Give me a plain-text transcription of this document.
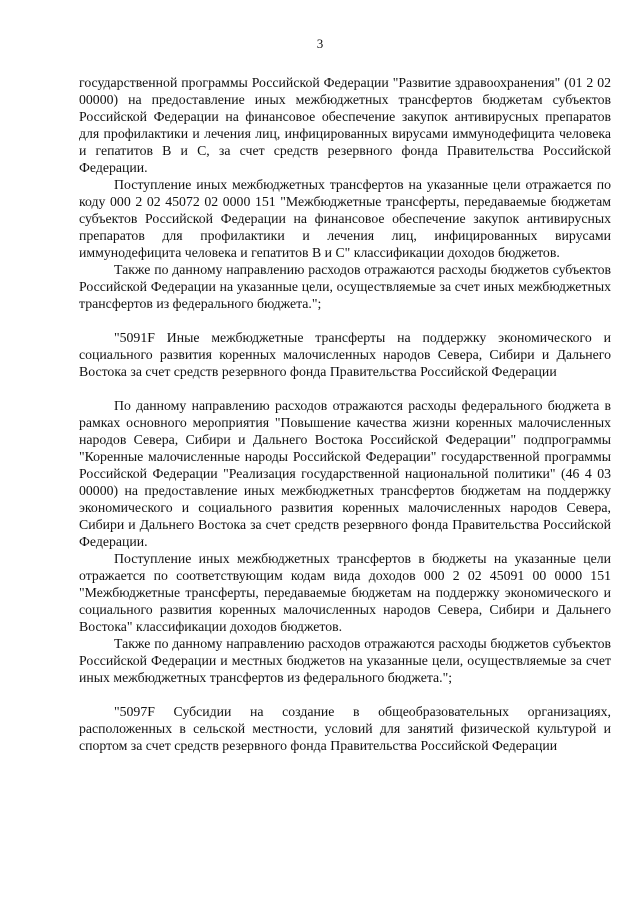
3

государственной программы Российской Федерации "Развитие здравоохранения" (01 2 02 00000) на предоставление иных межбюджетных трансфертов бюджетам субъектов Российской Федерации на финансовое обеспечение закупок антивирусных препаратов для профилактики и лечения лиц, инфицированных вирусами иммунодефицита человека и гепатитов B и C, за счет средств резервного фонда Правительства Российской Федерации.

Поступление иных межбюджетных трансфертов на указанные цели отражается по коду 000 2 02 45072 02 0000 151 "Межбюджетные трансферты, передаваемые бюджетам субъектов Российской Федерации на финансовое обеспечение закупок антивирусных препаратов для профилактики и лечения лиц, инфицированных вирусами иммунодефицита человека и гепатитов B и C" классификации доходов бюджетов.

Также по данному направлению расходов отражаются расходы бюджетов субъектов Российской Федерации на указанные цели, осуществляемые за счет иных межбюджетных трансфертов из федерального бюджета.";

"5091F Иные межбюджетные трансферты на поддержку экономического и социального развития коренных малочисленных народов Севера, Сибири и Дальнего Востока за счет средств резервного фонда Правительства Российской Федерации

По данному направлению расходов отражаются расходы федерального бюджета в рамках основного мероприятия "Повышение качества жизни коренных малочисленных народов Севера, Сибири и Дальнего Востока Российской Федерации" подпрограммы "Коренные малочисленные народы Российской Федерации" государственной программы Российской Федерации "Реализация государственной национальной политики" (46 4 03 00000) на предоставление иных межбюджетных трансфертов бюджетам на поддержку экономического и социального развития коренных малочисленных народов Севера, Сибири и Дальнего Востока за счет средств резервного фонда Правительства Российской Федерации.

Поступление иных межбюджетных трансфертов в бюджеты на указанные цели отражается по соответствующим кодам вида доходов 000 2 02 45091 00 0000 151 "Межбюджетные трансферты, передаваемые бюджетам на поддержку экономического и социального развития коренных малочисленных народов Севера, Сибири и Дальнего Востока" классификации доходов бюджетов.

Также по данному направлению расходов отражаются расходы бюджетов субъектов Российской Федерации и местных бюджетов на указанные цели, осуществляемые за счет иных межбюджетных трансфертов из федерального бюджета.";

"5097F Субсидии на создание в общеобразовательных организациях, расположенных в сельской местности, условий для занятий физической культурой и спортом за счет средств резервного фонда Правительства Российской Федерации
